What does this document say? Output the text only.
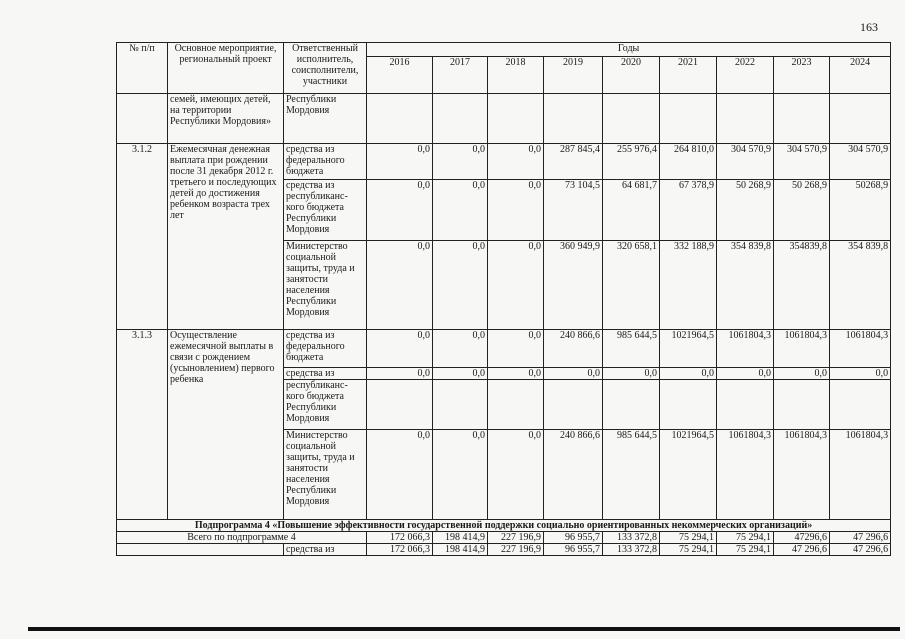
163
№ п/п	Основное мероприятие, региональный проект	Ответственный исполнитель, соисполнители, участники	Годы								
			2016	2017	2018	2019	2020	2021	2022	2023	2024
	семей, имеющих детей, на территории Республики Мордовия»	Республики Мордовия									
3.1.2	Ежемесячная денежная выплата при рождении после 31 декабря 2012 г. третьего и последующих детей до достижения ребенком возраста трех лет	средства из федерального бюджета	0,0	0,0	0,0	287 845,4	255 976,4	264 810,0	304 570,9	304 570,9	304 570,9
		средства из республиканс- кого бюджета Республики Мордовия	0,0	0,0	0,0	73 104,5	64 681,7	67 378,9	50 268,9	50 268,9	50268,9
		Министерство социальной защиты, труда и занятости населения Республики Мордовия	0,0	0,0	0,0	360 949,9	320 658,1	332 188,9	354 839,8	354839,8	354 839,8
3.1.3	Осуществление ежемесячной выплаты в связи с рождением (усыновлением) первого ребенка	средства из федерального бюджета	0,0	0,0	0,0	240 866,6	985 644,5	1021964,5	1061804,3	1061804,3	1061804,3
		средства из	0,0	0,0	0,0	0,0	0,0	0,0	0,0	0,0	0,0
		республиканс- кого бюджета Республики Мордовия									
		Министерство социальной защиты, труда и занятости населения Республики Мордовия	0,0	0,0	0,0	240 866,6	985 644,5	1021964,5	1061804,3	1061804,3	1061804,3
Подпрограмма 4 «Повышение эффективности государственной поддержки социально ориентированных некоммерческих организаций»											
Всего по подпрограмме 4			172 066,3	198 414,9	227 196,9	96 955,7	133 372,8	75 294,1	75 294,1	47296,6	47 296,6
		средства из	172 066,3	198 414,9	227 196,9	96 955,7	133 372,8	75 294,1	75 294,1	47 296,6	47 296,6
